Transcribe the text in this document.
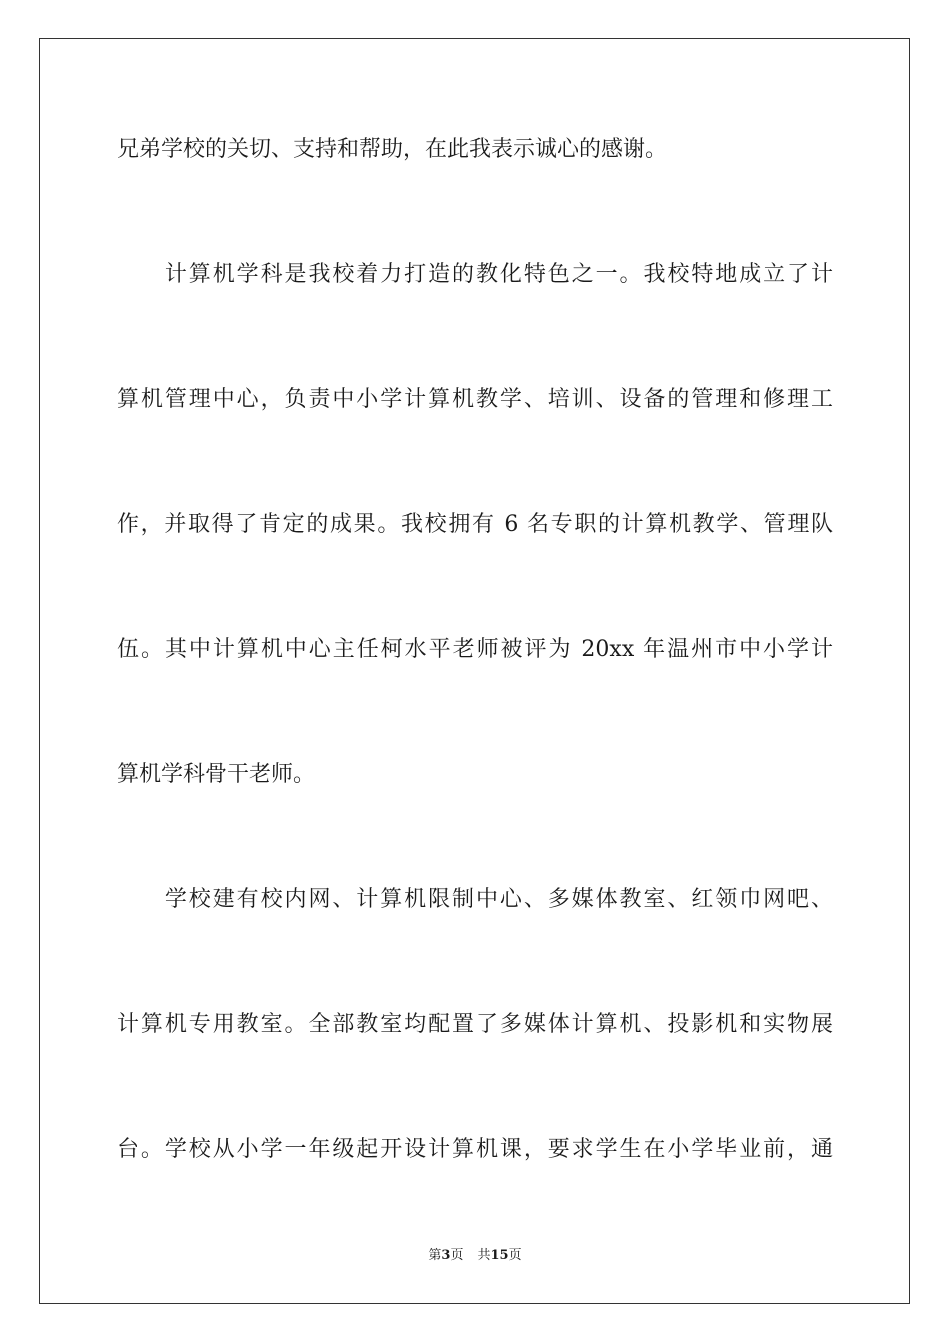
兄弟学校的关切、支持和帮助，在此我表示诚心的感谢。
　　计算机学科是我校着力打造的教化特色之一。我校特地成立了计
算机管理中心，负责中小学计算机教学、培训、设备的管理和修理工
作，并取得了肯定的成果。我校拥有 6 名专职的计算机教学、管理队
伍。其中计算机中心主任柯水平老师被评为 20xx 年温州市中小学计
算机学科骨干老师。
　　学校建有校内网、计算机限制中心、多媒体教室、红领巾网吧、
计算机专用教室。全部教室均配置了多媒体计算机、投影机和实物展
台。学校从小学一年级起开设计算机课，要求学生在小学毕业前，通
第3页 共15页
